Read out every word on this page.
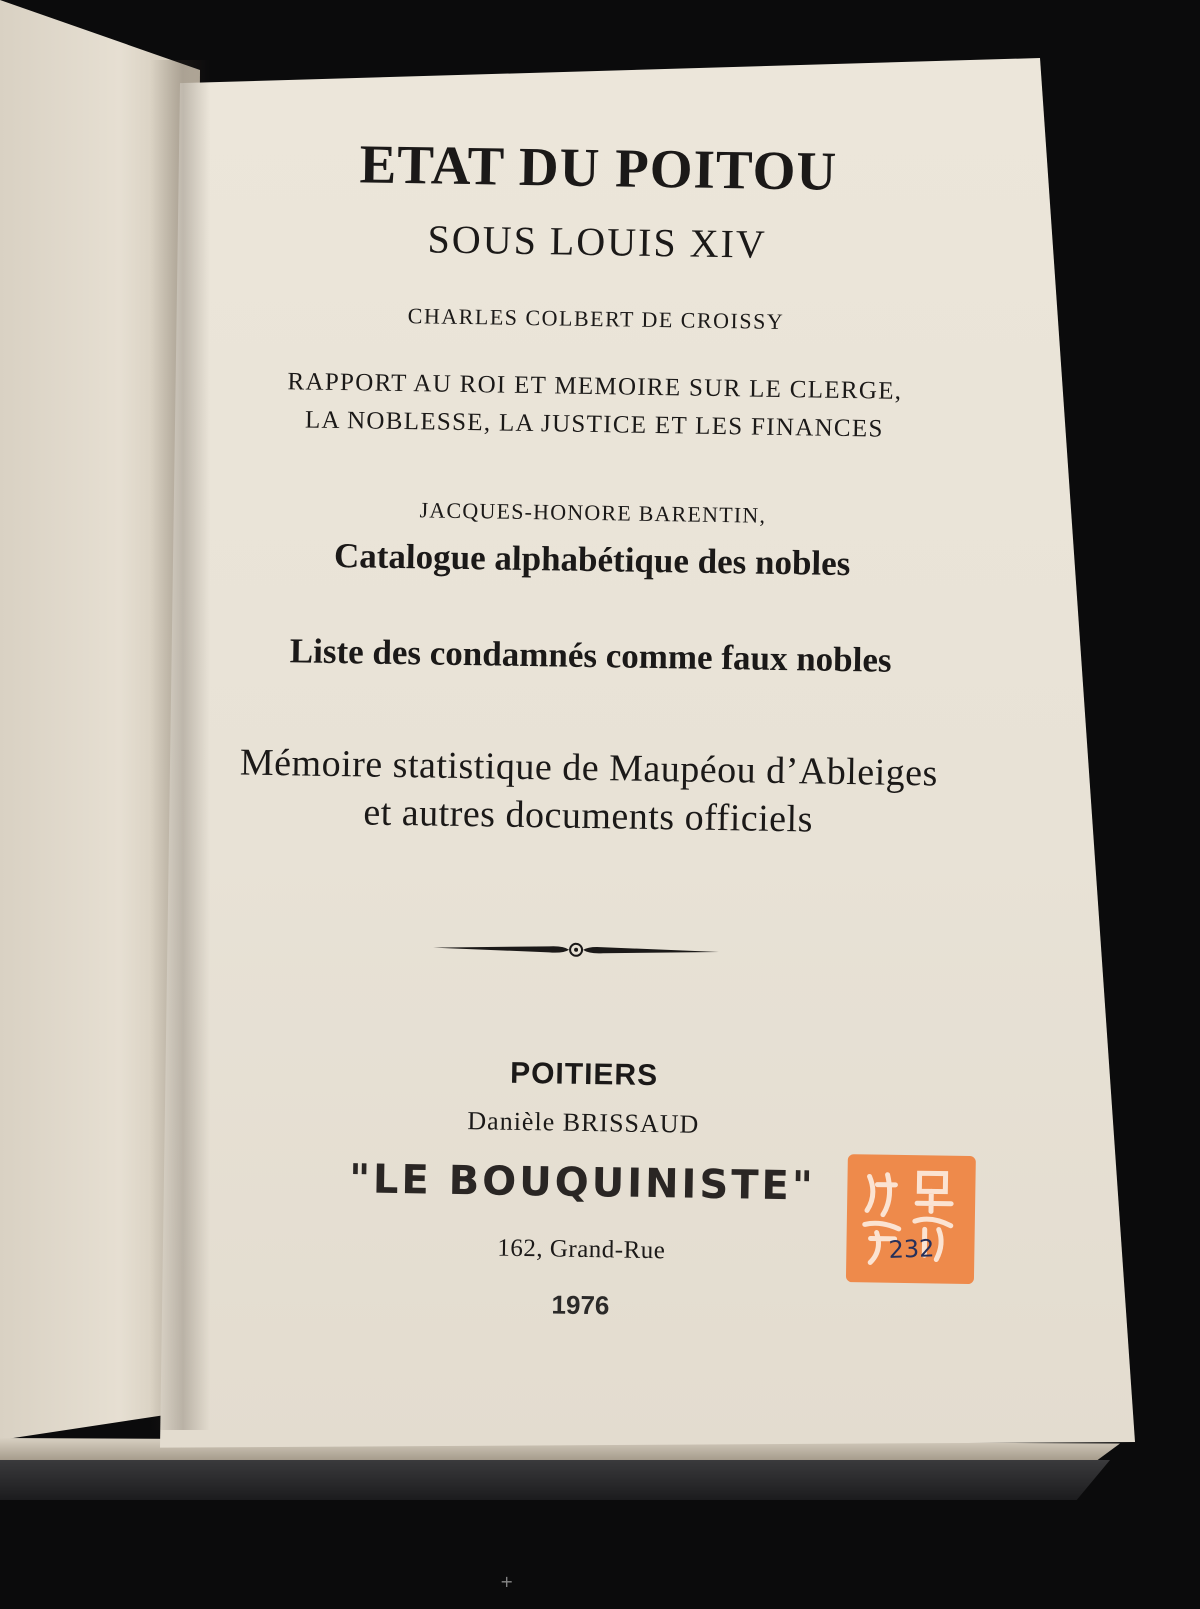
ETAT DU POITOU
SOUS LOUIS XIV
CHARLES COLBERT DE CROISSY
RAPPORT AU ROI ET MEMOIRE SUR LE CLERGE,
LA NOBLESSE, LA JUSTICE ET LES FINANCES
JACQUES-HONORE BARENTIN,
Catalogue alphabétique des nobles
Liste des condamnés comme faux nobles
Mémoire statistique de Maupéou d’Ableiges
et autres documents officiels
POITIERS
Danièle BRISSAUD
"LE BOUQUINISTE"
162, Grand-Rue
1976
232
+
